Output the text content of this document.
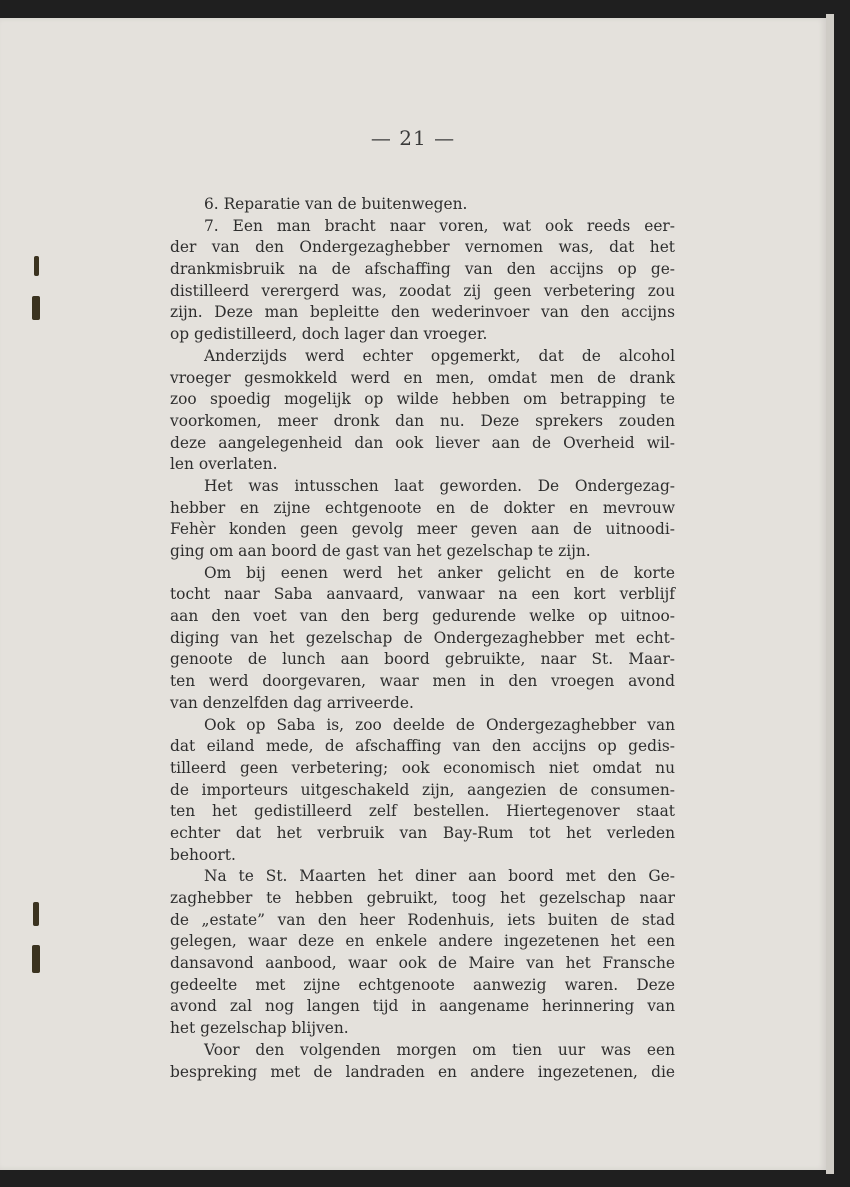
— 21 —
6. Reparatie van de buitenwegen.
7. Een man bracht naar voren, wat ook reeds eer-
der van den Ondergezaghebber vernomen was, dat het
drankmisbruik na de afschaffing van den accijns op ge-
distilleerd verergerd was, zoodat zij geen verbetering zou
zijn. Deze man bepleitte den wederinvoer van den accijns
op gedistilleerd, doch lager dan vroeger.
Anderzijds werd echter opgemerkt, dat de alcohol
vroeger gesmokkeld werd en men, omdat men de drank
zoo spoedig mogelijk op wilde hebben om betrapping te
voorkomen, meer dronk dan nu. Deze sprekers zouden
deze aangelegenheid dan ook liever aan de Overheid wil-
len overlaten.
Het was intusschen laat geworden. De Ondergezag-
hebber en zijne echtgenoote en de dokter en mevrouw
Fehèr konden geen gevolg meer geven aan de uitnoodi-
ging om aan boord de gast van het gezelschap te zijn.
Om bij eenen werd het anker gelicht en de korte
tocht naar Saba aanvaard, vanwaar na een kort verblijf
aan den voet van den berg gedurende welke op uitnoo-
diging van het gezelschap de Ondergezaghebber met echt-
genoote de lunch aan boord gebruikte, naar St. Maar-
ten werd doorgevaren, waar men in den vroegen avond
van denzelfden dag arriveerde.
Ook op Saba is, zoo deelde de Ondergezaghebber van
dat eiland mede, de afschaffing van den accijns op gedis-
tilleerd geen verbetering; ook economisch niet omdat nu
de importeurs uitgeschakeld zijn, aangezien de consumen-
ten het gedistilleerd zelf bestellen. Hiertegenover staat
echter dat het verbruik van Bay-Rum tot het verleden
behoort.
Na te St. Maarten het diner aan boord met den Ge-
zaghebber te hebben gebruikt, toog het gezelschap naar
de „estate” van den heer Rodenhuis, iets buiten de stad
gelegen, waar deze en enkele andere ingezetenen het een
dansavond aanbood, waar ook de Maire van het Fransche
gedeelte met zijne echtgenoote aanwezig waren. Deze
avond zal nog langen tijd in aangename herinnering van
het gezelschap blijven.
Voor den volgenden morgen om tien uur was een
bespreking met de landraden en andere ingezetenen, die
